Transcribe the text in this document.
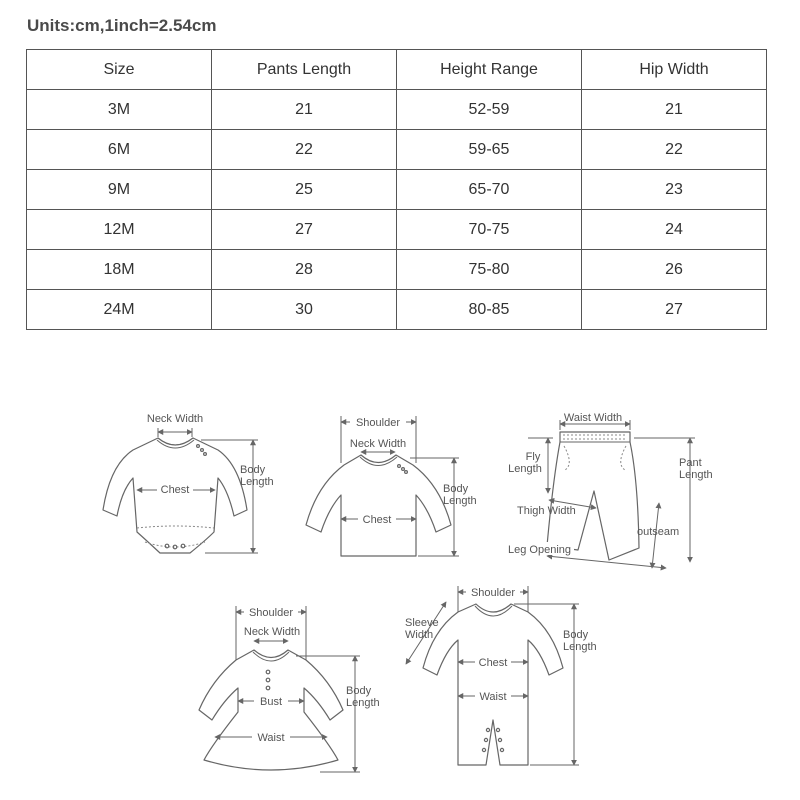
Units:cm,1inch=2.54cm
Size	Pants Length	Height Range	Hip Width
3M	21	52-59	21
6M	22	59-65	22
9M	25	65-70	23
12M	27	70-75	24
18M	28	75-80	26
24M	30	80-85	27
Neck Width
Chest
Body
Length
Shoulder
Neck Width
Chest
Body
Length
Waist Width
Fly
Length	Pant
Length
Thigh Width
outseam
Leg Opening
Shoulder
Neck Width
Bust
Waist
Body
Length
Shoulder
Sleeve
Width
Chest
Waist
Body
Length
